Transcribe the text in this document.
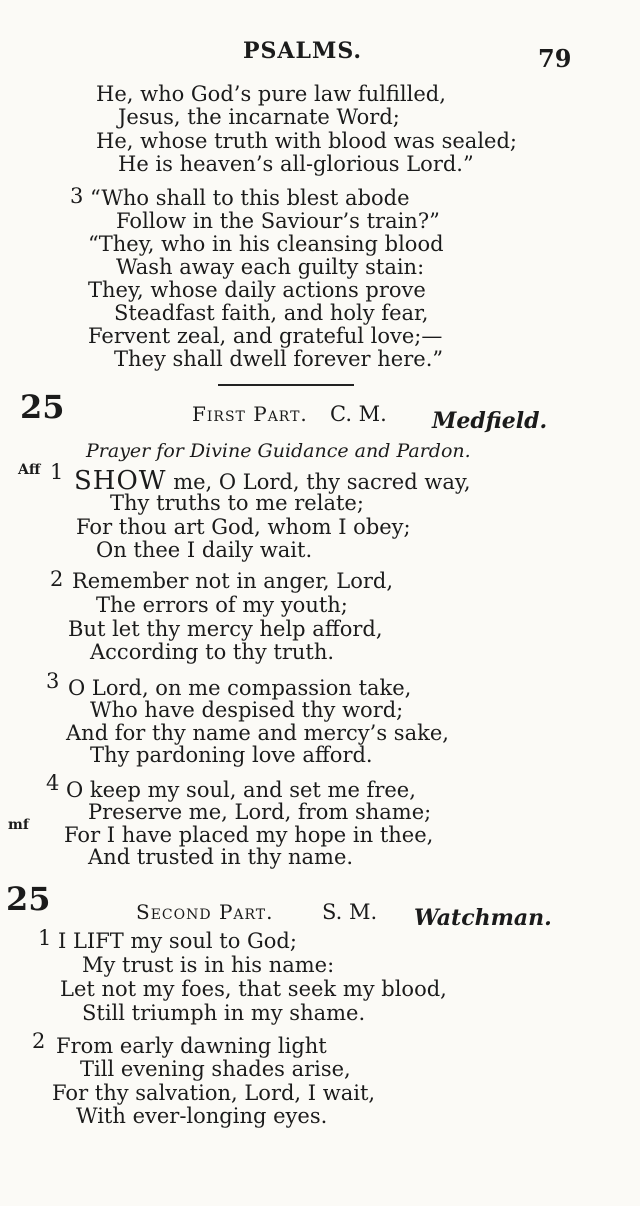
PSALMS.	79
He, who God’s pure law fulfilled,
Jesus, the incarnate Word;
He, whose truth with blood was sealed;
He is heaven’s all-glorious Lord.”
3 “Who shall to this blest abode
Follow in the Saviour’s train?”
“They, who in his cleansing blood
Wash away each guilty stain:
They, whose daily actions prove
Steadfast faith, and holy fear,
Fervent zeal, and grateful love;—
They shall dwell forever here.”
25	First Part. C. M. Medfield.
Prayer for Divine Guidance and Pardon.
Aff 1 SHOW me, O Lord, thy sacred way,
Thy truths to me relate;
For thou art God, whom I obey;
On thee I daily wait.
2 Remember not in anger, Lord,
The errors of my youth;
But let thy mercy help afford,
According to thy truth.
3 O Lord, on me compassion take,
Who have despised thy word;
And for thy name and mercy’s sake,
Thy pardoning love afford.
4 O keep my soul, and set me free,
Preserve me, Lord, from shame;
mf For I have placed my hope in thee,
And trusted in thy name.
25	Second Part. S. M. Watchman.
1 I LIFT my soul to God;
My trust is in his name:
Let not my foes, that seek my blood,
Still triumph in my shame.
2 From early dawning light
Till evening shades arise,
For thy salvation, Lord, I wait,
With ever-longing eyes.
